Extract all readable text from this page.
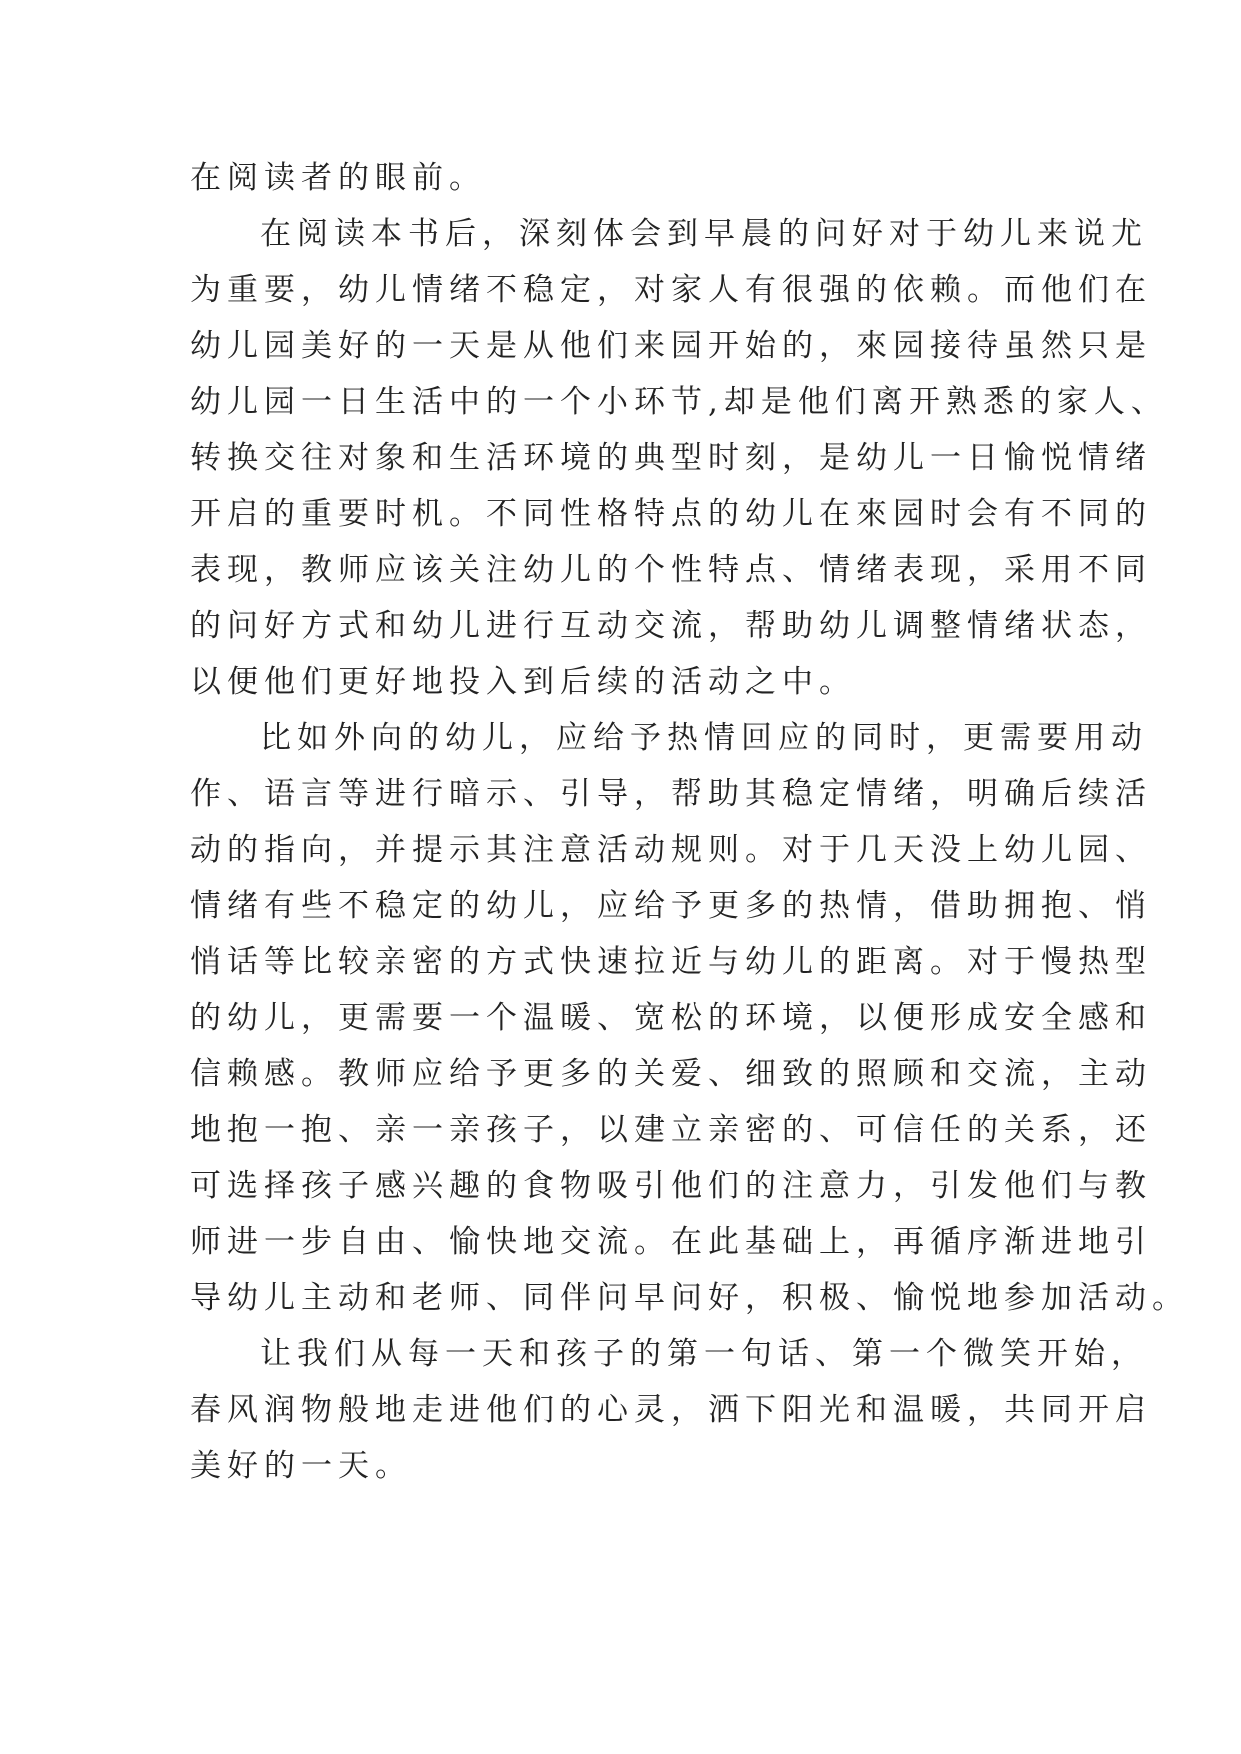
在阅读者的眼前。
在阅读本书后，深刻体会到早晨的问好对于幼儿来说尤
为重要，幼儿情绪不稳定，对家人有很强的依赖。而他们在
幼儿园美好的一天是从他们来园开始的，來园接待虽然只是
幼儿园一日生活中的一个小环节,却是他们离开熟悉的家人、
转换交往对象和生活环境的典型时刻，是幼儿一日愉悦情绪
开启的重要时机。不同性格特点的幼儿在來园时会有不同的
表现，教师应该关注幼儿的个性特点、情绪表现，采用不同
的问好方式和幼儿进行互动交流，帮助幼儿调整情绪状态，
以便他们更好地投入到后续的活动之中。
比如外向的幼儿，应给予热情回应的同时，更需要用动
作、语言等进行暗示、引导，帮助其稳定情绪，明确后续活
动的指向，并提示其注意活动规则。对于几天没上幼儿园、
情绪有些不稳定的幼儿，应给予更多的热情，借助拥抱、悄
悄话等比较亲密的方式快速拉近与幼儿的距离。对于慢热型
的幼儿，更需要一个温暖、宽松的环境，以便形成安全感和
信赖感。教师应给予更多的关爱、细致的照顾和交流，主动
地抱一抱、亲一亲孩子，以建立亲密的、可信任的关系，还
可选择孩子感兴趣的食物吸引他们的注意力，引发他们与教
师进一步自由、愉快地交流。在此基础上，再循序渐进地引
导幼儿主动和老师、同伴问早问好，积极、愉悦地参加活动。
让我们从每一天和孩子的第一句话、第一个微笑开始，
春风润物般地走进他们的心灵，洒下阳光和温暖，共同开启
美好的一天。
